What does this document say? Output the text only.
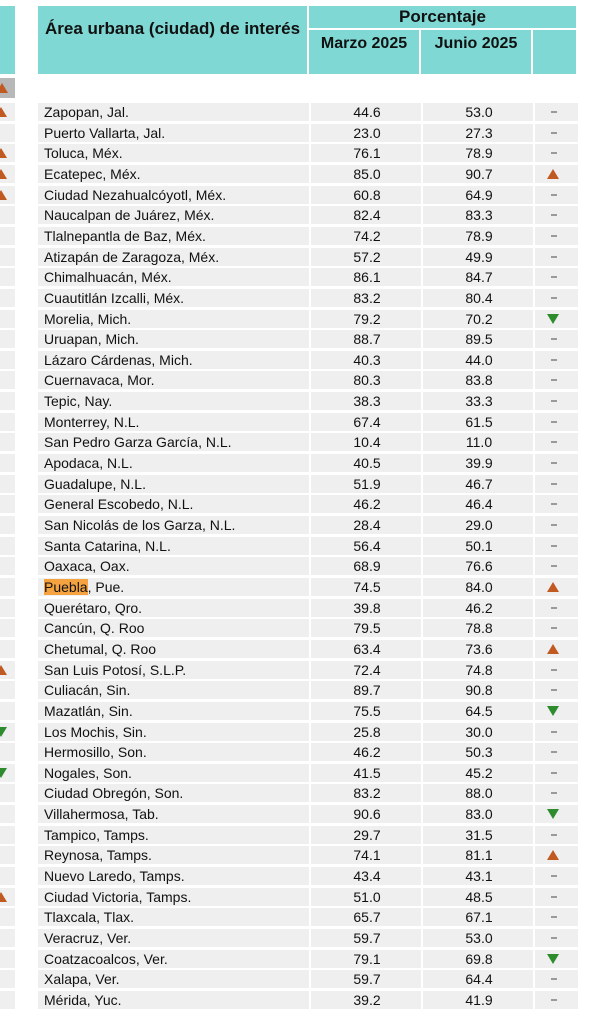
Área urbana (ciudad) de interés
Porcentaje
Marzo 2025	Junio 2025
Zapopan, Jal.	44.6	53.0
Puerto Vallarta, Jal.	23.0	27.3
Toluca, Méx.	76.1	78.9
Ecatepec, Méx.	85.0	90.7
Ciudad Nezahualcóyotl, Méx.	60.8	64.9
Naucalpan de Juárez, Méx.	82.4	83.3
Tlalnepantla de Baz, Méx.	74.2	78.9
Atizapán de Zaragoza, Méx.	57.2	49.9
Chimalhuacán, Méx.	86.1	84.7
Cuautitlán Izcalli, Méx.	83.2	80.4
Morelia, Mich.	79.2	70.2
Uruapan, Mich.	88.7	89.5
Lázaro Cárdenas, Mich.	40.3	44.0
Cuernavaca, Mor.	80.3	83.8
Tepic, Nay.	38.3	33.3
Monterrey, N.L.	67.4	61.5
San Pedro Garza García, N.L.	10.4	11.0
Apodaca, N.L.	40.5	39.9
Guadalupe, N.L.	51.9	46.7
General Escobedo, N.L.	46.2	46.4
San Nicolás de los Garza, N.L.	28.4	29.0
Santa Catarina, N.L.	56.4	50.1
Oaxaca, Oax.	68.9	76.6
Puebla, Pue.	74.5	84.0
Querétaro, Qro.	39.8	46.2
Cancún, Q. Roo	79.5	78.8
Chetumal, Q. Roo	63.4	73.6
San Luis Potosí, S.L.P.	72.4	74.8
Culiacán, Sin.	89.7	90.8
Mazatlán, Sin.	75.5	64.5
Los Mochis, Sin.	25.8	30.0
Hermosillo, Son.	46.2	50.3
Nogales, Son.	41.5	45.2
Ciudad Obregón, Son.	83.2	88.0
Villahermosa, Tab.	90.6	83.0
Tampico, Tamps.	29.7	31.5
Reynosa, Tamps.	74.1	81.1
Nuevo Laredo, Tamps.	43.4	43.1
Ciudad Victoria, Tamps.	51.0	48.5
Tlaxcala, Tlax.	65.7	67.1
Veracruz, Ver.	59.7	53.0
Coatzacoalcos, Ver.	79.1	69.8
Xalapa, Ver.	59.7	64.4
Mérida, Yuc.	39.2	41.9
